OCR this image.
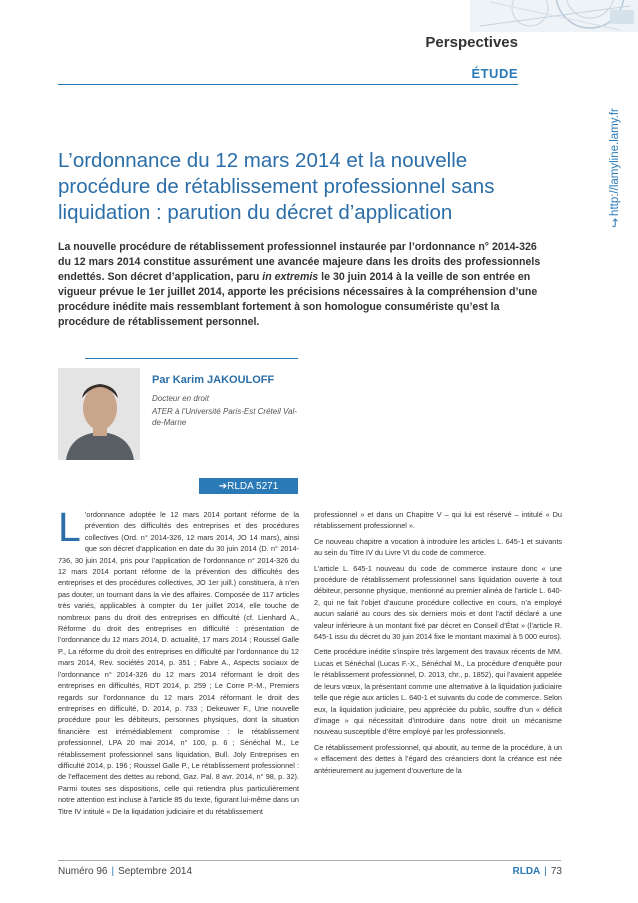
Perspectives
ÉTUDE
↪
http://lamyline.lamy.fr
L’ordonnance du 12 mars 2014 et la nouvelle procédure de rétablissement professionnel sans liquidation : parution du décret d’application
La nouvelle procédure de rétablissement professionnel instaurée par l’ordonnance n° 2014-326 du 12 mars 2014 constitue assurément une avancée majeure dans les droits des professionnels endettés. Son décret d’application, paru in extremis le 30 juin 2014 à la veille de son entrée en vigueur prévue le 1er juillet 2014, apporte les précisions nécessaires à la compréhension d’une procédure inédite mais ressemblant fortement à son homologue consumériste qu’est la procédure de rétablissement personnel.
Par Karim JAKOULOFF
Docteur en droit
ATER à l’Université Paris-Est Créteil Val-de-Marne
➔RLDA 5271

L ’ordonnance adoptée le 12 mars 2014 portant réforme de la prévention des difficultés des entreprises et des procédures collectives (Ord. n° 2014-326, 12 mars 2014, JO 14 mars), ainsi que son décret d’application en date du 30 juin 2014 (D. n° 2014-736, 30 juin 2014, pris pour l’application de l’ordonnance n° 2014-326 du 12 mars 2014 portant réforme de la prévention des difficultés des entreprises et des procédures collectives, JO 1er juill.) constituera, à n’en pas douter, un tournant dans la vie des affaires. Composée de 117 articles très variés, applicables à compter du 1er juillet 2014, elle touche de nombreux pans du droit des entreprises en difficulté (cf. Lienhard A., Réforme du droit des entreprises en difficulté : présentation de l’ordonnance du 12 mars 2014, D. actualité, 17 mars 2014 ; Roussel Galle P., La réforme du droit des entreprises en difficulté par l’ordonnance du 12 mars 2014, Rev. sociétés 2014, p. 351 ; Fabre A., Aspects sociaux de l’ordonnance n° 2014-326 du 12 mars 2014 réformant le droit des entreprises en difficultés, RDT 2014, p. 259 ; Le Corre P.-M., Premiers regards sur l’ordonnance du 12 mars 2014 réformant le droit des entreprises en difficulté, D. 2014, p. 733 ; Dekeuwer F., Une nouvelle procédure pour les débiteurs, personnes physiques, dont la situation financière est irrémédiablement compromise : le rétablissement professionnel, LPA 20 mai 2014, n° 100, p. 6 ; Sénéchal M., Le rétablissement professionnel sans liquidation, Bull. Joly Entreprises en difficulté 2014, p. 196 ; Roussel Galle P., Le rétablissement professionnel : de l’effacement des dettes au rebond, Gaz. Pal. 8 avr. 2014, n° 98, p. 32). Parmi toutes ses dispositions, celle qui retiendra plus particulièrement notre attention est incluse à l’article 85 du texte, figurant lui-même dans un Titre IV intitulé « De la liquidation judiciaire et du rétablissement

professionnel » et dans un Chapitre V – qui lui est réservé – intitulé « Du rétablissement professionnel ».

Ce nouveau chapitre a vocation à introduire les articles L. 645-1 et suivants au sein du Titre IV du Livre VI du code de commerce.

L’article L. 645-1 nouveau du code de commerce instaure donc « une procédure de rétablissement professionnel sans liquidation ouverte à tout débiteur, personne physique, mentionné au premier alinéa de l’article L. 640-2, qui ne fait l’objet d’aucune procédure collective en cours, n’a employé aucun salarié au cours des six derniers mois et dont l’actif déclaré a une valeur inférieure à un montant fixé par décret en Conseil d’État » (l’article R. 645-1 issu du décret du 30 juin 2014 fixe le montant maximal à 5 000 euros).

Cette procédure inédite s’inspire très largement des travaux récents de MM. Lucas et Sénéchal (Lucas F.-X., Sénéchal M., La procédure d’enquête pour le rétablissement professionnel, D. 2013, chr., p. 1852), qui l’avaient appelée de leurs vœux, la présentant comme une alternative à la liquidation judiciaire telle que régie aux articles L. 640-1 et suivants du code de commerce. Selon eux, la liquidation judiciaire, peu appréciée du public, souffre d’un « déficit d’image » qui nécessitait d’introduire dans notre droit un mécanisme nouveau susceptible d’être employé par les professionnels.

Ce rétablissement professionnel, qui aboutit, au terme de la procédure, à un « effacement des dettes à l’égard des créanciers dont la créance est née antérieurement au jugement d’ouverture de la

Numéro 96 | Septembre 2014	RLDA | 73
